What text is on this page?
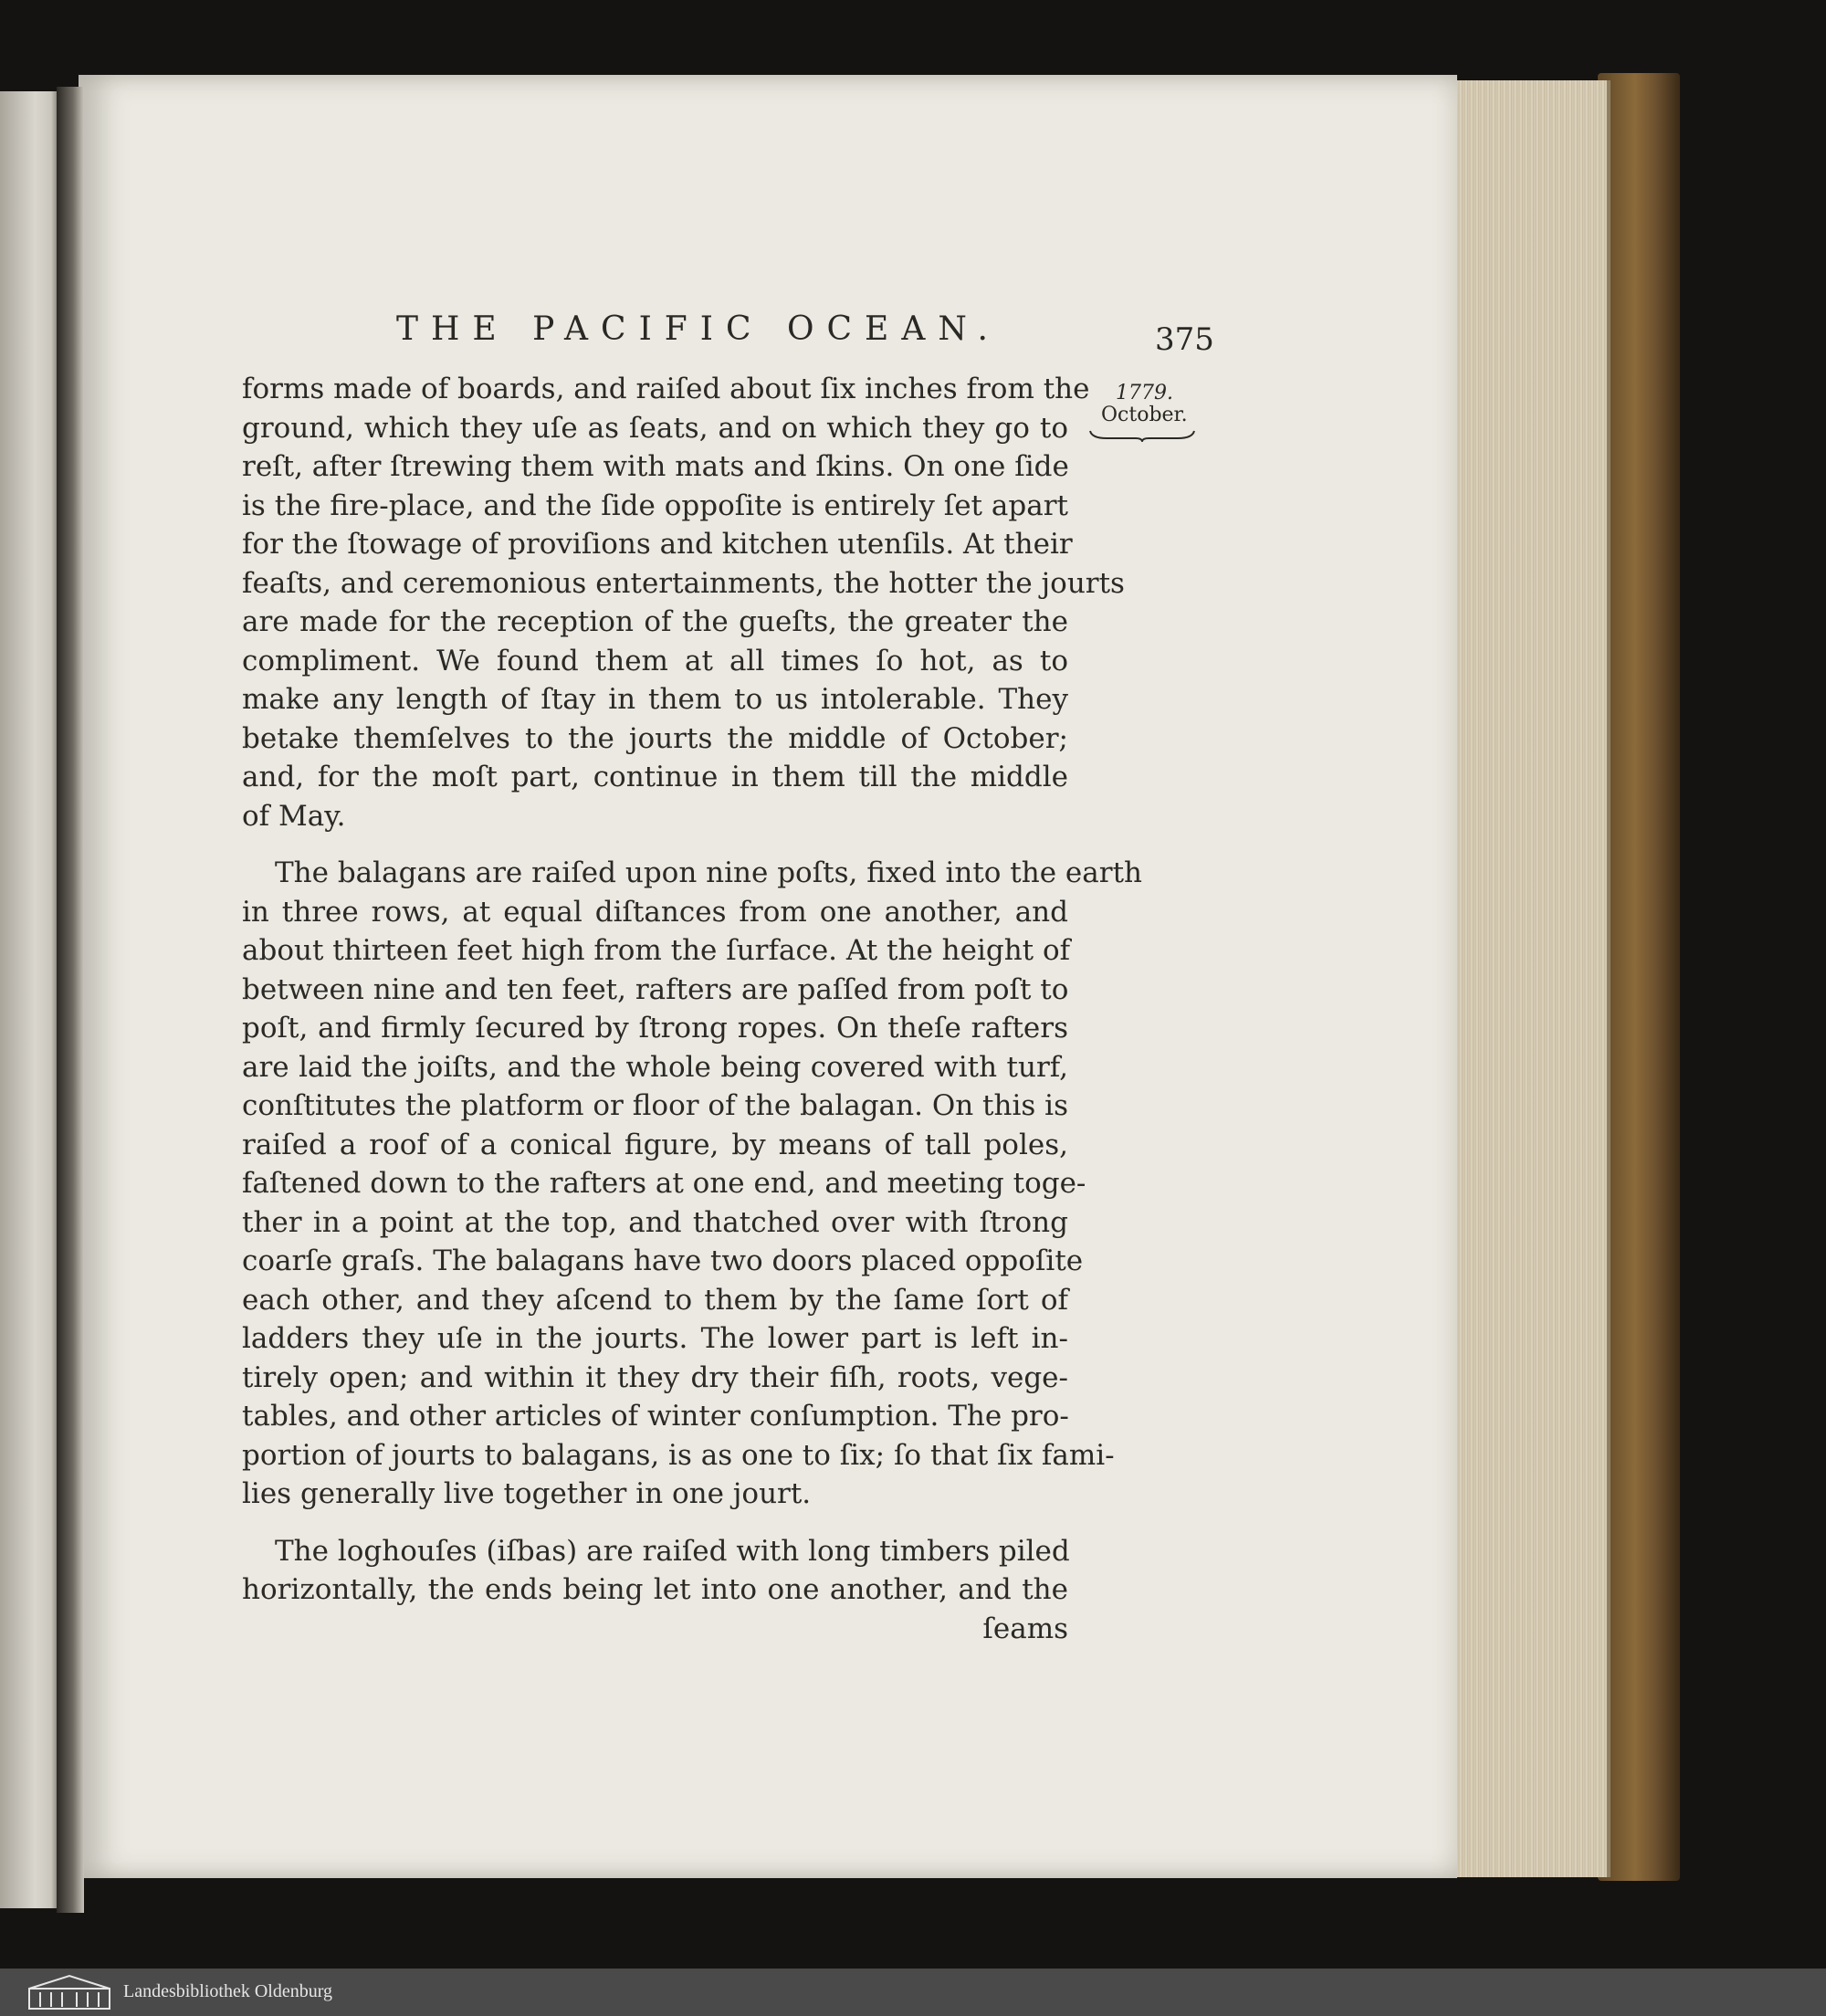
THE PACIFIC OCEAN.	375
1779.
October.
forms made of boards, and raiſed about ſix inches from the
ground, which they uſe as ſeats, and on which they go to
reſt, after ſtrewing them with mats and ſkins. On one ſide
is the fire-place, and the ſide oppoſite is entirely ſet apart
for the ſtowage of proviſions and kitchen utenſils. At their
feaſts, and ceremonious entertainments, the hotter the jourts
are made for the reception of the gueſts, the greater the
compliment. We found them at all times ſo hot, as to
make any length of ſtay in them to us intolerable. They
betake themſelves to the jourts the middle of October;
and, for the moſt part, continue in them till the middle
of May.
The balagans are raiſed upon nine poſts, fixed into the earth
in three rows, at equal diſtances from one another, and
about thirteen feet high from the ſurface. At the height of
between nine and ten feet, rafters are paſſed from poſt to
poſt, and firmly ſecured by ſtrong ropes. On theſe rafters
are laid the joiſts, and the whole being covered with turf,
conſtitutes the platform or floor of the balagan. On this is
raiſed a roof of a conical figure, by means of tall poles,
faſtened down to the rafters at one end, and meeting toge-
ther in a point at the top, and thatched over with ſtrong
coarſe graſs. The balagans have two doors placed oppoſite
each other, and they aſcend to them by the ſame ſort of
ladders they uſe in the jourts. The lower part is left in-
tirely open; and within it they dry their fiſh, roots, vege-
tables, and other articles of winter conſumption. The pro-
portion of jourts to balagans, is as one to ſix; ſo that ſix fami-
lies generally live together in one jourt.
The loghouſes (iſbas) are raiſed with long timbers piled
horizontally, the ends being let into one another, and the
ſeams
Landesbibliothek Oldenburg
